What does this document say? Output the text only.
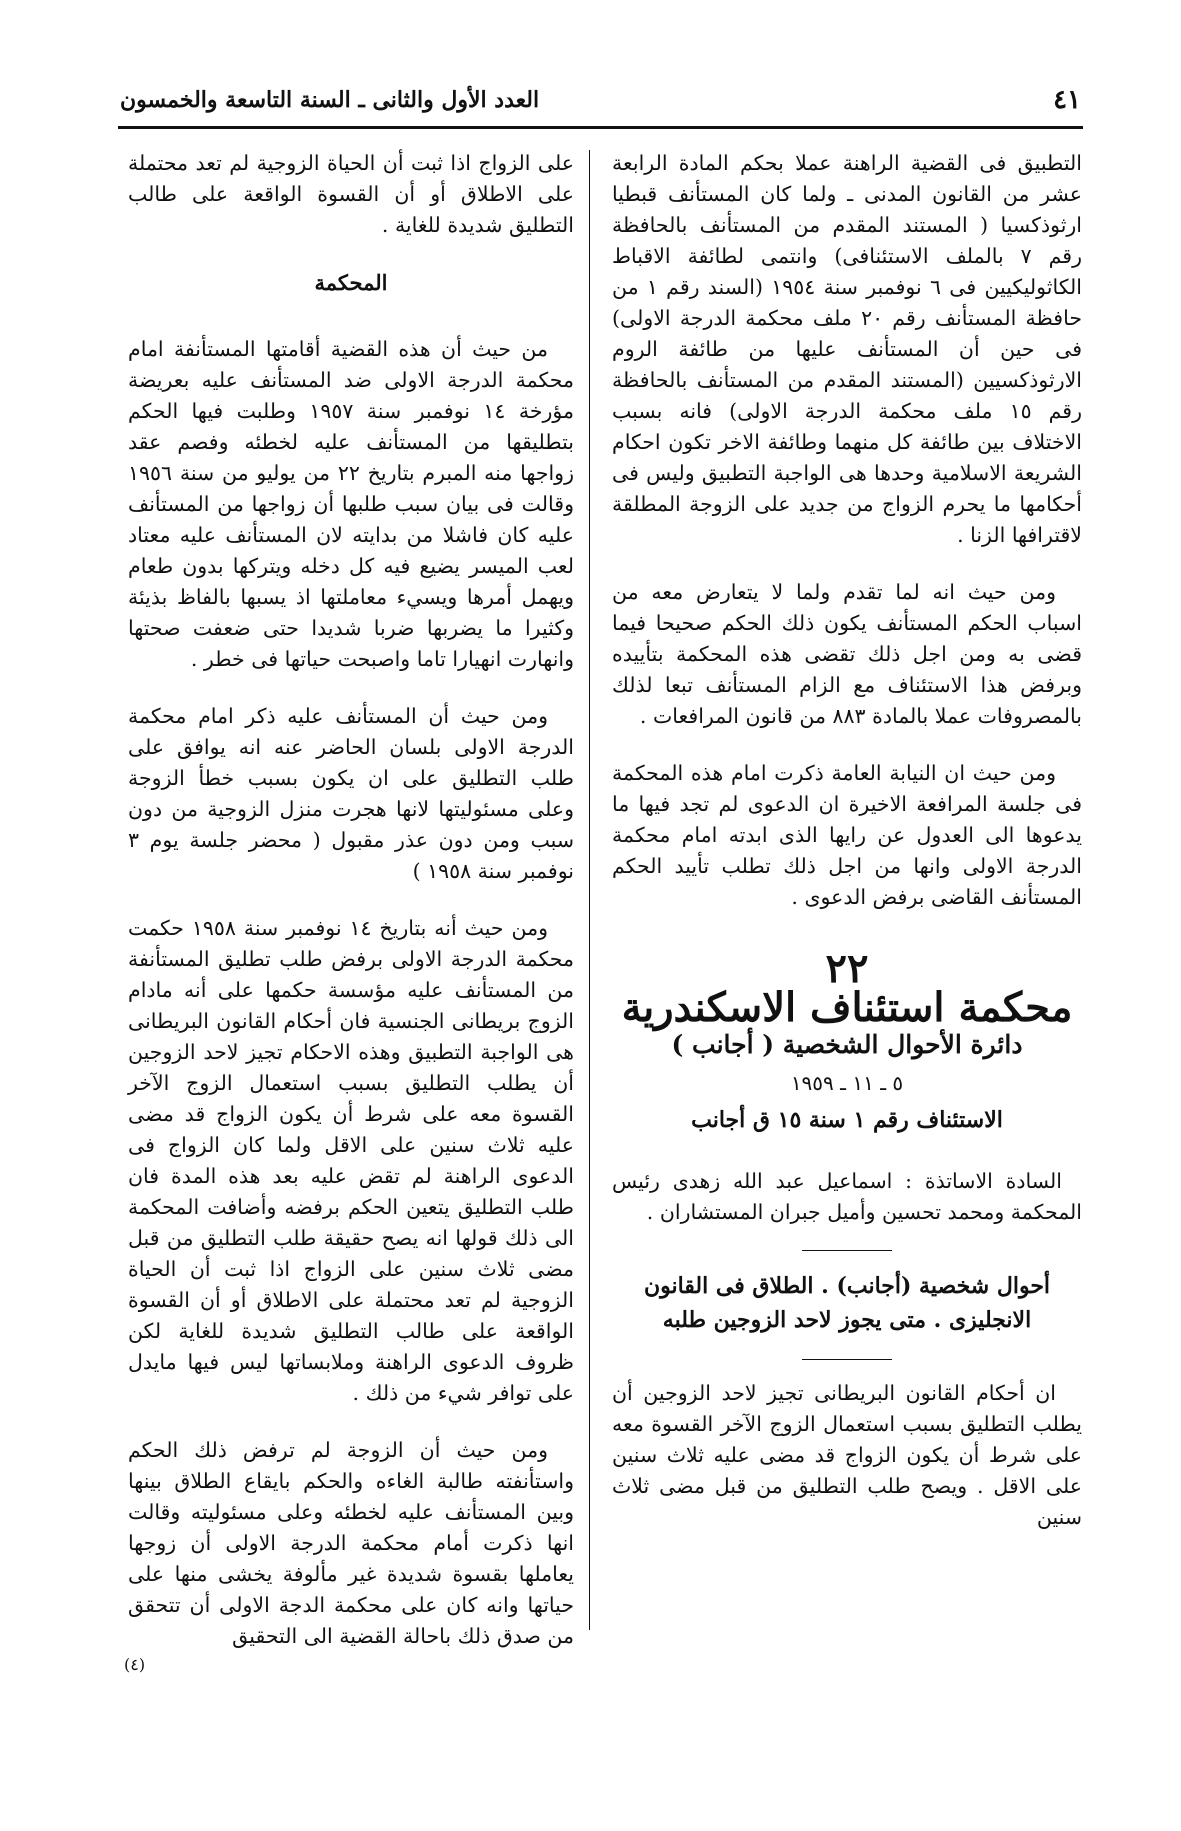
العدد الأول والثانى ـ السنة التاسعة والخمسون	٤١

التطبيق فى القضية الراهنة عملا بحكم المادة الرابعة عشر من القانون المدنى ـ ولما كان المستأنف قبطيا ارثوذكسيا ( المستند المقدم من المستأنف بالحافظة رقم ٧ بالملف الاستئنافى) وانتمى لطائفة الاقباط الكاثوليكيين فى ٦ نوفمبر سنة ١٩٥٤ (السند رقم ١ من حافظة المستأنف رقم ٢٠ ملف محكمة الدرجة الاولى) فى حين أن المستأنف عليها من طائفة الروم الارثوذكسيين (المستند المقدم من المستأنف بالحافظة رقم ١٥ ملف محكمة الدرجة الاولى) فانه بسبب الاختلاف بين طائفة كل منهما وطائفة الاخر تكون احكام الشريعة الاسلامية وحدها هى الواجبة التطبيق وليس فى أحكامها ما يحرم الزواج من جديد على الزوجة المطلقة لاقترافها الزنا .

ومن حيث انه لما تقدم ولما لا يتعارض معه من اسباب الحكم المستأنف يكون ذلك الحكم صحيحا فيما قضى به ومن اجل ذلك تقضى هذه المحكمة بتأييده وبرفض هذا الاستئناف مع الزام المستأنف تبعا لذلك بالمصروفات عملا بالمادة ٨٨٣ من قانون المرافعات .

ومن حيث ان النيابة العامة ذكرت امام هذه المحكمة فى جلسة المرافعة الاخيرة ان الدعوى لم تجد فيها ما يدعوها الى العدول عن رايها الذى ابدته امام محكمة الدرجة الاولى وانها من اجل ذلك تطلب تأييد الحكم المستأنف القاضى برفض الدعوى .

٢٢
محكمة استئناف الاسكندرية
دائرة الأحوال الشخصية ( أجانب )
٥ ـ ١١ ـ ١٩٥٩
الاستئناف رقم ١ سنة ١٥ ق أجانب

السادة الاساتذة : اسماعيل عبد الله زهدى رئيس المحكمة ومحمد تحسين وأميل جبران المستشاران .

أحوال شخصية (أجانب) . الطلاق فى القانون الانجليزى . متى يجوز لاحد الزوجين طلبه

ان أحكام القانون البريطانى تجيز لاحد الزوجين أن يطلب التطليق بسبب استعمال الزوج الآخر القسوة معه على شرط أن يكون الزواج قد مضى عليه ثلاث سنين على الاقل . ويصح طلب التطليق من قبل مضى ثلاث سنين

على الزواج اذا ثبت أن الحياة الزوجية لم تعد محتملة على الاطلاق أو أن القسوة الواقعة على طالب التطليق شديدة للغاية .

المحكمة

من حيث أن هذه القضية أقامتها المستأنفة امام محكمة الدرجة الاولى ضد المستأنف عليه بعريضة مؤرخة ١٤ نوفمبر سنة ١٩٥٧ وطلبت فيها الحكم بتطليقها من المستأنف عليه لخطئه وفصم عقد زواجها منه المبرم بتاريخ ٢٢ من يوليو من سنة ١٩٥٦ وقالت فى بيان سبب طلبها أن زواجها من المستأنف عليه كان فاشلا من بدايته لان المستأنف عليه معتاد لعب الميسر يضيع فيه كل دخله ويتركها بدون طعام ويهمل أمرها ويسيء معاملتها اذ يسبها بالفاظ بذيئة وكثيرا ما يضربها ضربا شديدا حتى ضعفت صحتها وانهارت انهيارا تاما واصبحت حياتها فى خطر .

ومن حيث أن المستأنف عليه ذكر امام محكمة الدرجة الاولى بلسان الحاضر عنه انه يوافق على طلب التطليق على ان يكون بسبب خطأ الزوجة وعلى مسئوليتها لانها هجرت منزل الزوجية من دون سبب ومن دون عذر مقبول ( محضر جلسة يوم ٣ نوفمبر سنة ١٩٥٨ )

ومن حيث أنه بتاريخ ١٤ نوفمبر سنة ١٩٥٨ حكمت محكمة الدرجة الاولى برفض طلب تطليق المستأنفة من المستأنف عليه مؤسسة حكمها على أنه مادام الزوج بريطانى الجنسية فان أحكام القانون البريطانى هى الواجبة التطبيق وهذه الاحكام تجيز لاحد الزوجين أن يطلب التطليق بسبب استعمال الزوج الآخر القسوة معه على شرط أن يكون الزواج قد مضى عليه ثلاث سنين على الاقل ولما كان الزواج فى الدعوى الراهنة لم تقض عليه بعد هذه المدة فان طلب التطليق يتعين الحكم برفضه وأضافت المحكمة الى ذلك قولها انه يصح حقيقة طلب التطليق من قبل مضى ثلاث سنين على الزواج اذا ثبت أن الحياة الزوجية لم تعد محتملة على الاطلاق أو أن القسوة الواقعة على طالب التطليق شديدة للغاية لكن ظروف الدعوى الراهنة وملابساتها ليس فيها مايدل على توافر شيء من ذلك .

ومن حيث أن الزوجة لم ترفض ذلك الحكم واستأنفته طالبة الغاءه والحكم بايقاع الطلاق بينها وبين المستأنف عليه لخطئه وعلى مسئوليته وقالت انها ذكرت أمام محكمة الدرجة الاولى أن زوجها يعاملها بقسوة شديدة غير مألوفة يخشى منها على حياتها وانه كان على محكمة الدجة الاولى أن تتحقق من صدق ذلك باحالة القضية الى التحقيق

(٤)
